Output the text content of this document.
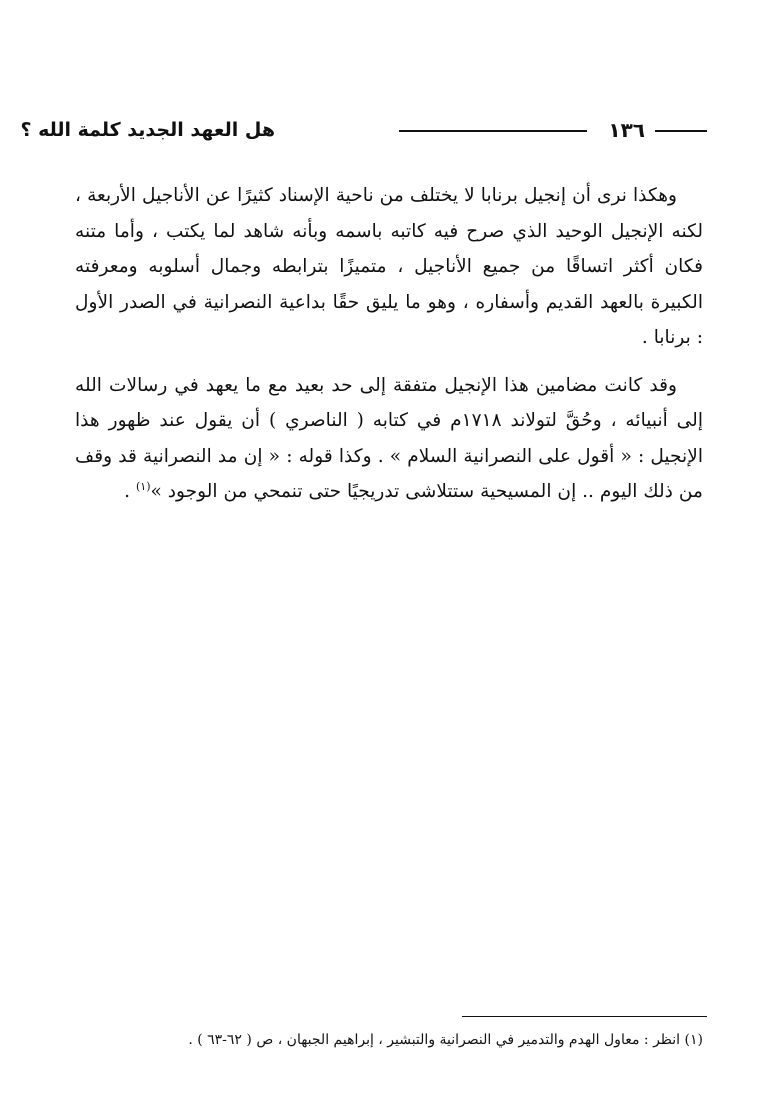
هل العهد الجديد كلمة الله ؟	١٣٦

وهكذا نرى أن إنجيل برنابا لا يختلف من ناحية الإسناد كثيرًا عن الأناجيل الأربعة ، لكنه الإنجيل الوحيد الذي صرح فيه كاتبه باسمه وبأنه شاهد لما يكتب ، وأما متنه فكان أكثر اتساقًا من جميع الأناجيل ، متميزًا بترابطه وجمال أسلوبه ومعرفته الكبيرة بالعهد القديم وأسفاره ، وهو ما يليق حقًا بداعية النصرانية في الصدر الأول : برنابا .

وقد كانت مضامين هذا الإنجيل متفقة إلى حد بعيد مع ما يعهد في رسالات الله إلى أنبيائه ، وحُقَّ لتولاند ١٧١٨م في كتابه ( الناصري ) أن يقول عند ظهور هذا الإنجيل : « أقول على النصرانية السلام » . وكذا قوله : « إن مد النصرانية قد وقف من ذلك اليوم .. إن المسيحية ستتلاشى تدريجيًا حتى تنمحي من الوجود »$^{(١)}$ .

(١) انظر : معاول الهدم والتدمير في النصرانية والتبشير ، إبراهيم الجبهان ، ص ( ٦٢-٦٣ ) .
